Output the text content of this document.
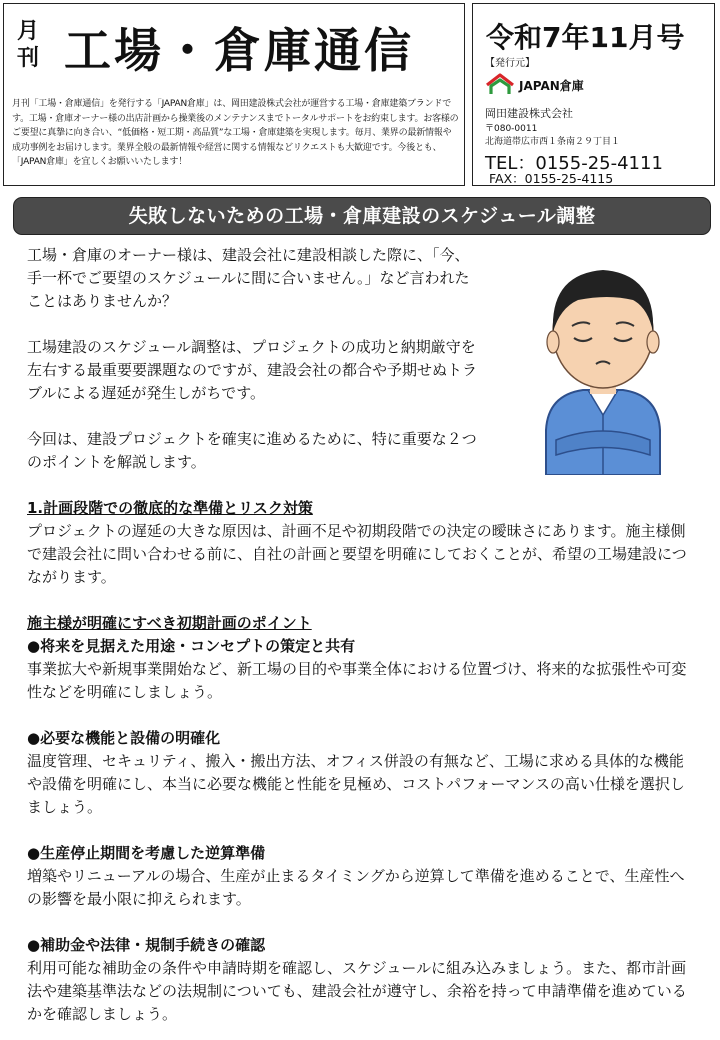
月刊 工場・倉庫通信
月刊「工場・倉庫通信」を発行する「JAPAN倉庫」は、岡田建設株式会社が運営する工場・倉庫建築ブランドです。工場・倉庫オーナー様の出店計画から操業後のメンテナンスまでトータルサポートをお約束します。お客様のご要望に真摯に向き合い、“低価格・短工期・高品質”な工場・倉庫建築を実現します。毎月、業界の最新情報や成功事例をお届けします。業界全般の最新情報や経営に関する情報などリクエストも大歓迎です。今後とも、「JAPAN倉庫」を宜しくお願いいたします！
令和7年11月号
【発行元】
JAPAN倉庫
岡田建設株式会社
〒080-0011
北海道帯広市西１条南２９丁目１
TEL：0155-25-4111
FAX：0155-25-4115
失敗しないための工場・倉庫建設のスケジュール調整

工場・倉庫のオーナー様は、建設会社に建設相談した際に、「今、手一杯でご要望のスケジュールに間に合いません。」など言われたことはありませんか？

工場建設のスケジュール調整は、プロジェクトの成功と納期厳守を左右する最重要要課題なのですが、建設会社の都合や予期せぬトラブルによる遅延が発生しがちです。

今回は、建設プロジェクトを確実に進めるために、特に重要な２つのポイントを解説します。

1.計画段階での徹底的な準備とリスク対策

プロジェクトの遅延の大きな原因は、計画不足や初期段階での決定の曖昧さにあります。施主様側で建設会社に問い合わせる前に、自社の計画と要望を明確にしておくことが、希望の工場建設につながります。

施主様が明確にすべき初期計画のポイント

●将来を見据えた用途・コンセプトの策定と共有

事業拡大や新規事業開始など、新工場の目的や事業全体における位置づけ、将来的な拡張性や可変性などを明確にしましょう。

●必要な機能と設備の明確化

温度管理、セキュリティ、搬入・搬出方法、オフィス併設の有無など、工場に求める具体的な機能や設備を明確にし、本当に必要な機能と性能を見極め、コストパフォーマンスの高い仕様を選択しましょう。

●生産停止期間を考慮した逆算準備

増築やリニューアルの場合、生産が止まるタイミングから逆算して準備を進めることで、生産性への影響を最小限に抑えられます。

●補助金や法律・規制手続きの確認

利用可能な補助金の条件や申請時期を確認し、スケジュールに組み込みましょう。また、都市計画法や建築基準法などの法規制についても、建設会社が遵守し、余裕を持って申請準備を進めているかを確認しましょう。
